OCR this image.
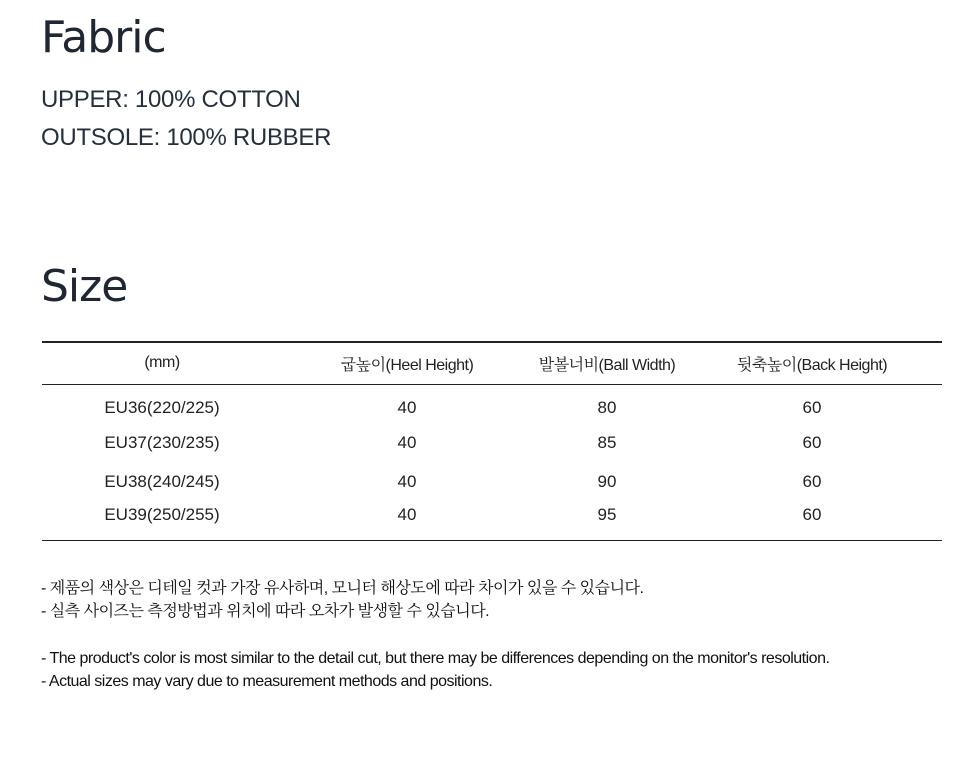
Fabric

UPPER: 100% COTTON

OUTSOLE: 100% RUBBER

Size
(mm)	굽높이(Heel Height)	발볼너비(Ball Width)	뒷축높이(Back Height)
EU36(220/225)	40	80	60
EU37(230/235)	40	85	60
EU38(240/245)	40	90	60
EU39(250/255)	40	95	60
- 제품의 색상은 디테일 컷과 가장 유사하며, 모니터 해상도에 따라 차이가 있을 수 있습니다.
- 실측 사이즈는 측정방법과 위치에 따라 오차가 발생할 수 있습니다.
- The product's color is most similar to the detail cut, but there may be differences depending on the monitor's resolution.
- Actual sizes may vary due to measurement methods and positions.
